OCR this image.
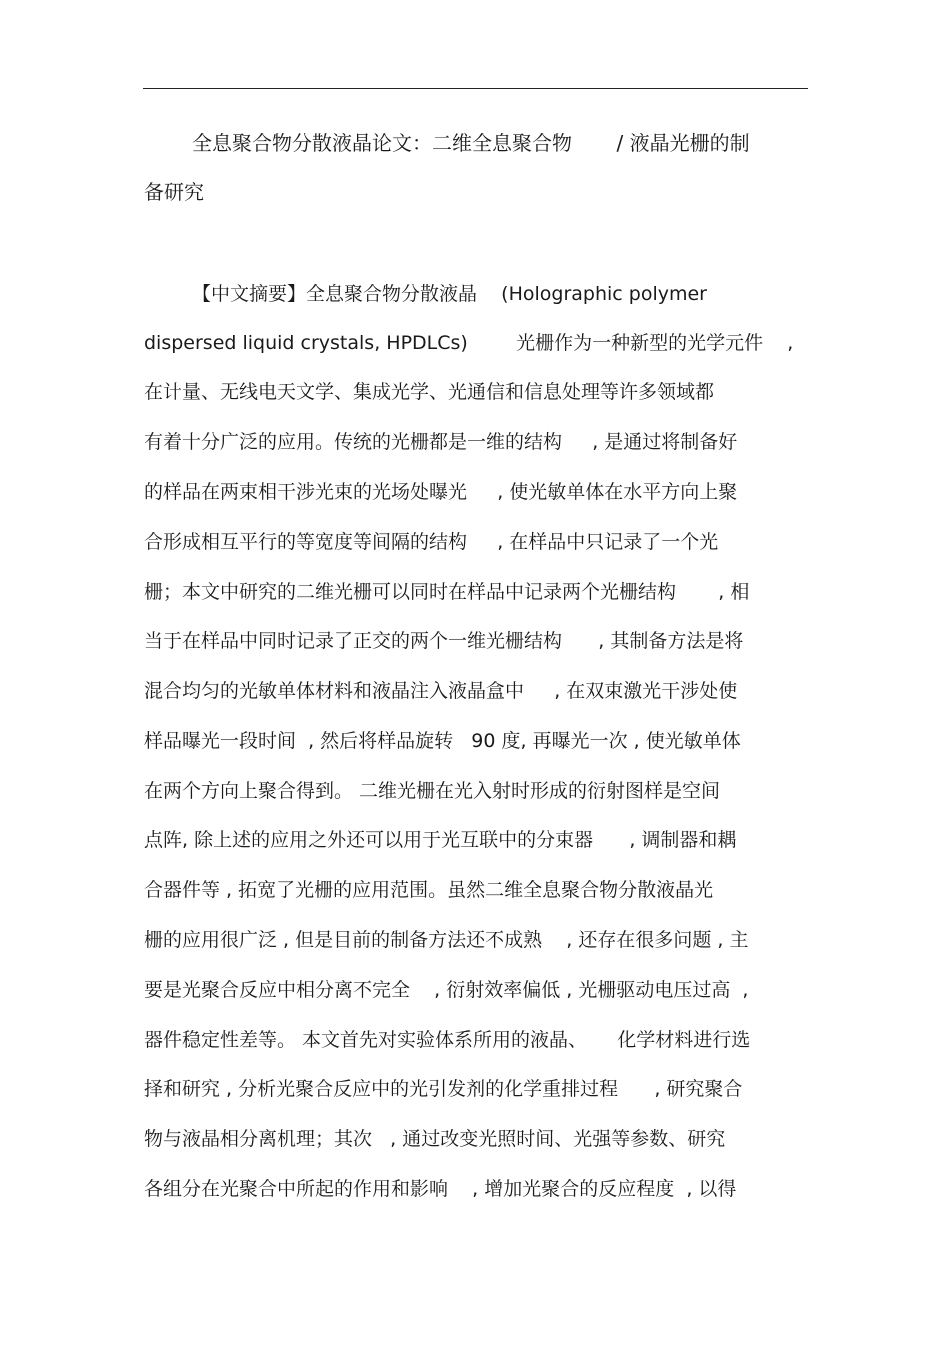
全息聚合物分散液晶论文：二维全息聚合物       / 液晶光栅的制

备研究

【中文摘要】全息聚合物分散液晶    (Holographic polymer

dispersed liquid crystals, HPDLCs)        光栅作为一种新型的光学元件    ,

在计量、无线电天文学、集成光学、光通信和信息处理等许多领域都

有着十分广泛的应用。传统的光栅都是一维的结构     , 是通过将制备好

的样品在两束相干涉光束的光场处曝光     , 使光敏单体在水平方向上聚

合形成相互平行的等宽度等间隔的结构     , 在样品中只记录了一个光

栅；本文中研究的二维光栅可以同时在样品中记录两个光栅结构       , 相

当于在样品中同时记录了正交的两个一维光栅结构      , 其制备方法是将

混合均匀的光敏单体材料和液晶注入液晶盒中     , 在双束激光干涉处使

样品曝光一段时间  , 然后将样品旋转   90 度, 再曝光一次 , 使光敏单体

在两个方向上聚合得到。 二维光栅在光入射时形成的衍射图样是空间

点阵, 除上述的应用之外还可以用于光互联中的分束器      , 调制器和耦

合器件等 , 拓宽了光栅的应用范围。虽然二维全息聚合物分散液晶光

栅的应用很广泛 , 但是目前的制备方法还不成熟    , 还存在很多问题 , 主

要是光聚合反应中相分离不完全    , 衍射效率偏低 , 光栅驱动电压过高  ,

器件稳定性差等。 本文首先对实验体系所用的液晶、     化学材料进行选

择和研究 , 分析光聚合反应中的光引发剂的化学重排过程      , 研究聚合

物与液晶相分离机理；其次   , 通过改变光照时间、光强等参数、研究

各组分在光聚合中所起的作用和影响    , 增加光聚合的反应程度  , 以得
